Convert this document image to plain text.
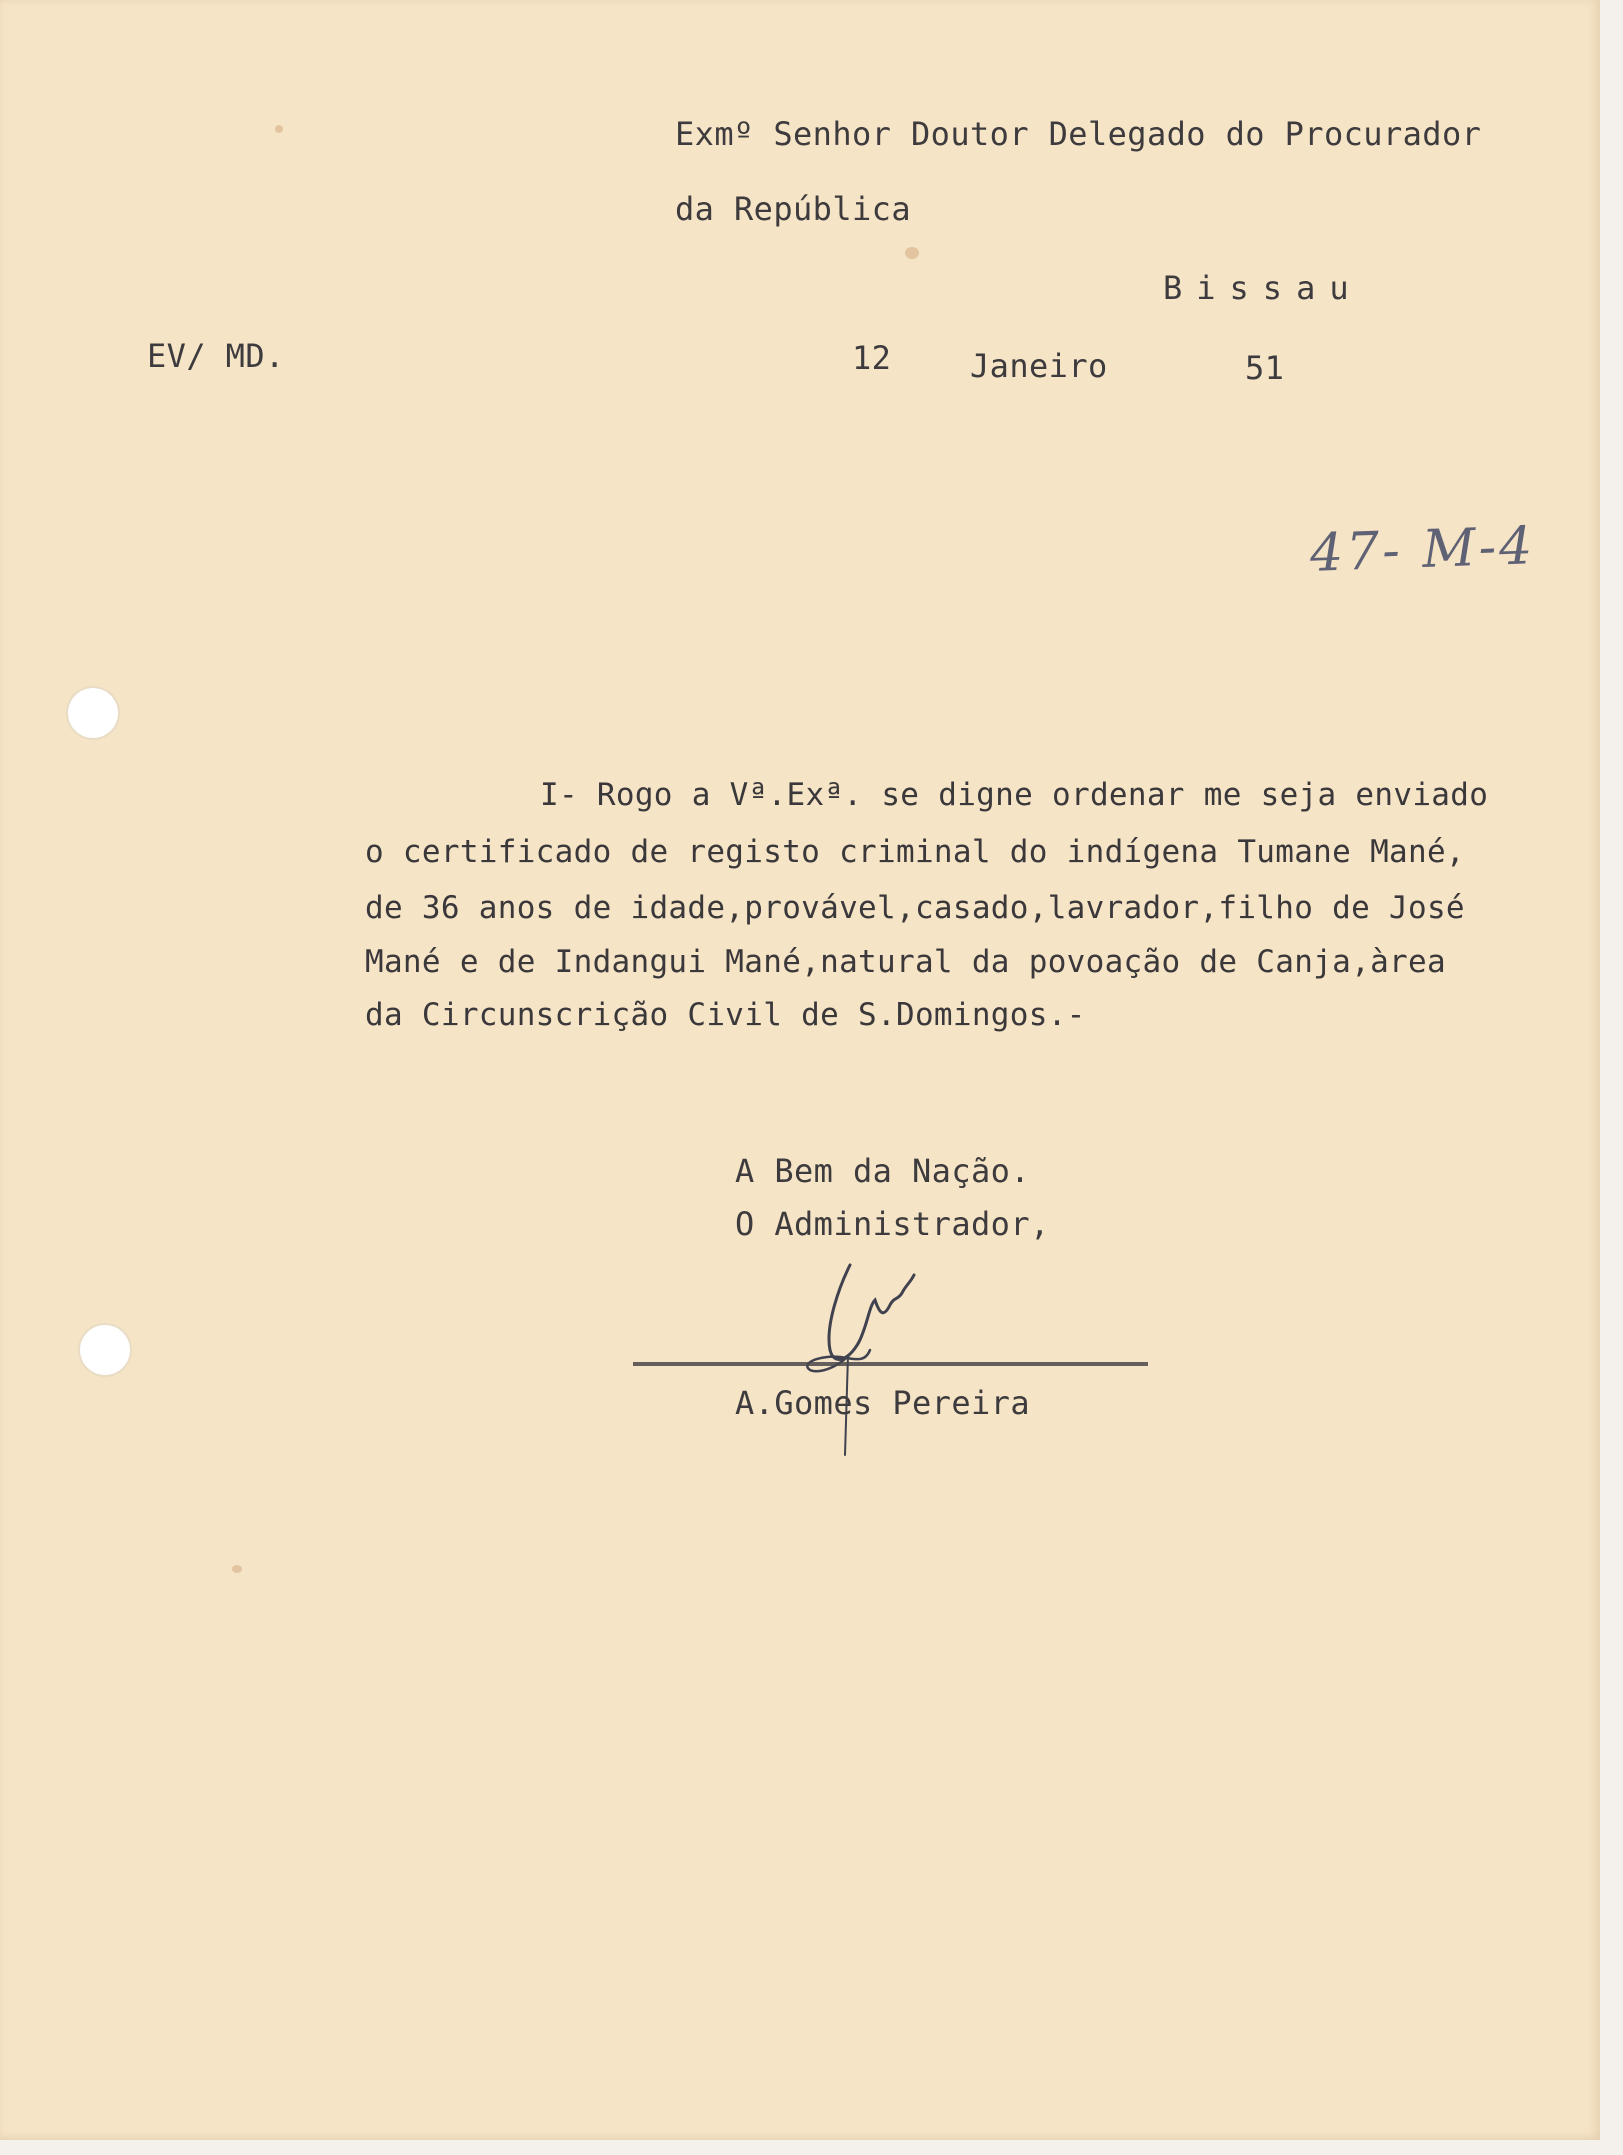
Exmº Senhor Doutor Delegado do Procurador
da República
Bissau
EV/ MD.	12 Janeiro	51
47- M-4
I- Rogo a Vª.Exª. se digne ordenar me seja enviado
o certificado de registo criminal do indígena Tumane Mané,
de 36 anos de idade,provável,casado,lavrador,filho de José
Mané e de Indangui Mané,natural da povoação de Canja,àrea
da Circunscrição Civil de S.Domingos.-
A Bem da Nação.
O Administrador,
A.Gomes Pereira
